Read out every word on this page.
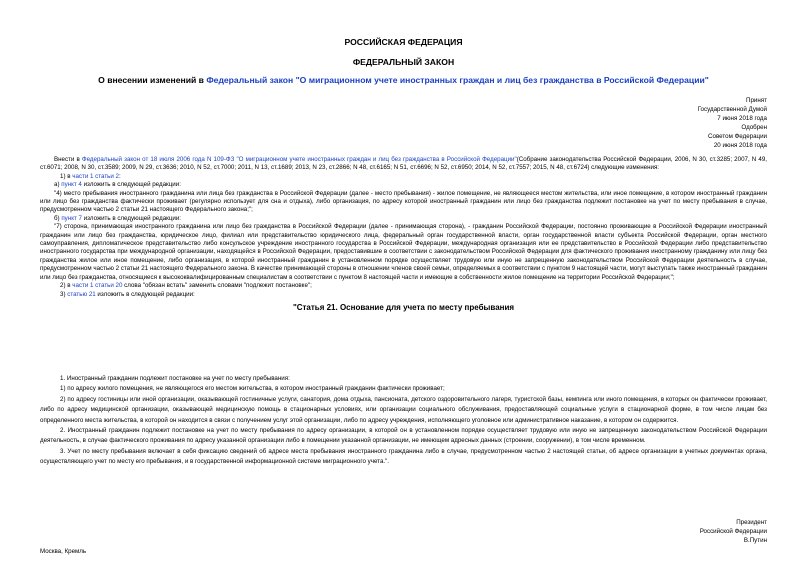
РОССИЙСКАЯ ФЕДЕРАЦИЯ
ФЕДЕРАЛЬНЫЙ ЗАКОН
О внесении изменений в Федеральный закон "О миграционном учете иностранных граждан и лиц без гражданства в Российской Федерации"
Принят
Государственной Думой
7 июня 2018 года
Одобрен
Советом Федерации
20 июня 2018 года

Внести в Федеральный закон от 18 июля 2006 года N 109-ФЗ "О миграционном учете иностранных граждан и лиц без гражданства в Российской Федерации"(Собрание законодательства Российской Федерации, 2006, N 30, ст.3285; 2007, N 49, ст.6071; 2008, N 30, ст.3589; 2009, N 29, ст.3636; 2010, N 52, ст.7000; 2011, N 13, ст.1689; 2013, N 23, ст.2866; N 48, ст.6165; N 51, ст.6696; N 52, ст.6950; 2014, N 52, ст.7557; 2015, N 48, ст.6724) следующие изменения:

1) в части 1 статьи 2:

а) пункт 4 изложить в следующей редакции:

"4) место пребывания иностранного гражданина или лица без гражданства в Российской Федерации (далее - место пребывания) - жилое помещение, не являющееся местом жительства, или иное помещение, в котором иностранный гражданин или лицо без гражданства фактически проживает (регулярно использует для сна и отдыха), либо организация, по адресу которой иностранный гражданин или лицо без гражданства подлежит постановке на учет по месту пребывания в случае, предусмотренном частью 2 статьи 21 настоящего Федерального закона;";

б) пункт 7 изложить в следующей редакции:

"7) сторона, принимающая иностранного гражданина или лицо без гражданства в Российской Федерации (далее - принимающая сторона), - гражданин Российской Федерации, постоянно проживающие в Российской Федерации иностранный гражданин или лицо без гражданства, юридическое лицо, филиал или представительство юридического лица, федеральный орган государственной власти, орган государственной власти субъекта Российской Федерации, орган местного самоуправления, дипломатическое представительство либо консульское учреждение иностранного государства в Российской Федерации, международная организация или ее представительство в Российской Федерации либо представительство иностранного государства при международной организации, находящейся в Российской Федерации, предоставившие в соответствии с законодательством Российской Федерации для фактического проживания иностранному гражданину или лицу без гражданства жилое или иное помещение, либо организация, в которой иностранный гражданин в установленном порядке осуществляет трудовую или иную не запрещенную законодательством Российской Федерации деятельность в случае, предусмотренном частью 2 статьи 21 настоящего Федерального закона. В качестве принимающей стороны в отношении членов своей семьи, определяемых в соответствии с пунктом 9 настоящей части, могут выступать также иностранный гражданин или лицо без гражданства, относящиеся к высококвалифицированным специалистам в соответствии с пунктом 8 настоящей части и имеющие в собственности жилое помещение на территории Российской Федерации;";

2) в части 1 статьи 20 слова "обязан встать" заменить словами "подлежит постановке";

3) статью 21 изложить в следующей редакции:

"Статья 21. Основание для учета по месту пребывания

1. Иностранный гражданин подлежит постановке на учет по месту пребывания:

1) по адресу жилого помещения, не являющегося его местом жительства, в котором иностранный гражданин фактически проживает;

2) по адресу гостиницы или иной организации, оказывающей гостиничные услуги, санатория, дома отдыха, пансионата, детского оздоровительного лагеря, туристской базы, кемпинга или иного помещения, в которых он фактически проживает, либо по адресу медицинской организации, оказывающей медицинскую помощь в стационарных условиях, или организации социального обслуживания, предоставляющей социальные услуги в стационарной форме, в том числе лицам без определенного места жительства, в которой он находится в связи с получением услуг этой организации, либо по адресу учреждения, исполняющего уголовное или административное наказание, в котором он содержится.

2. Иностранный гражданин подлежит постановке на учет по месту пребывания по адресу организации, в которой он в установленном порядке осуществляет трудовую или иную не запрещенную законодательством Российской Федерации деятельность, в случае фактического проживания по адресу указанной организации либо в помещении указанной организации, не имеющем адресных данных (строении, сооружении), в том числе временном.

3. Учет по месту пребывания включает в себя фиксацию сведений об адресе места пребывания иностранного гражданина либо в случае, предусмотренном частью 2 настоящей статьи, об адресе организации в учетных документах органа, осуществляющего учет по месту его пребывания, и в государственной информационной системе миграционного учета.".

Президент
Российской Федерации
В.Путин
Москва, Кремль
